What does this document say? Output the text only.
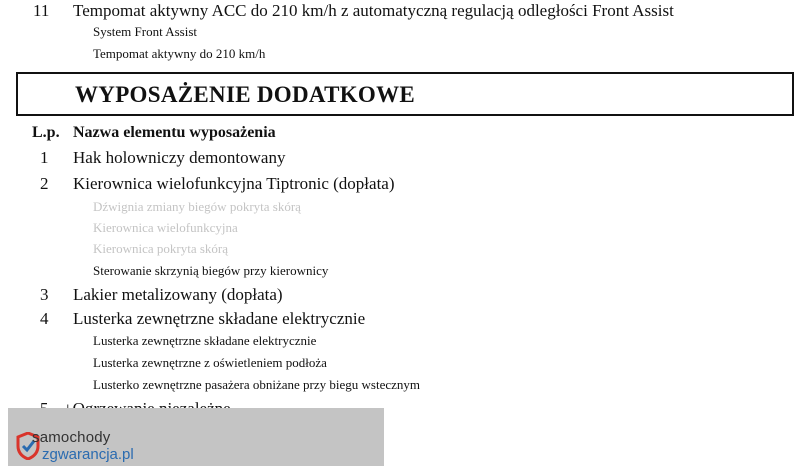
11 Tempomat aktywny ACC do 210 km/h z automatyczną regulacją odległości Front Assist
System Front Assist
Tempomat aktywny do 210 km/h
WYPOSAŻENIE DODATKOWE
L.p. Nazwa elementu wyposażenia
1 Hak holowniczy demontowany
2 Kierownica wielofunkcyjna Tiptronic (dopłata)
Dźwignia zmiany biegów pokryta skórą
Kierownica wielofunkcyjna
Kierownica pokryta skórą
Sterowanie skrzynią biegów przy kierownicy
3 Lakier metalizowany (dopłata)
4 Lusterka zewnętrzne składane elektrycznie
Lusterka zewnętrzne składane elektrycznie
Lusterka zewnętrzne z oświetleniem podłoża
Lusterko zewnętrzne pasażera obniżane przy biegu wstecznym
samochody
zgwarancja.pl
